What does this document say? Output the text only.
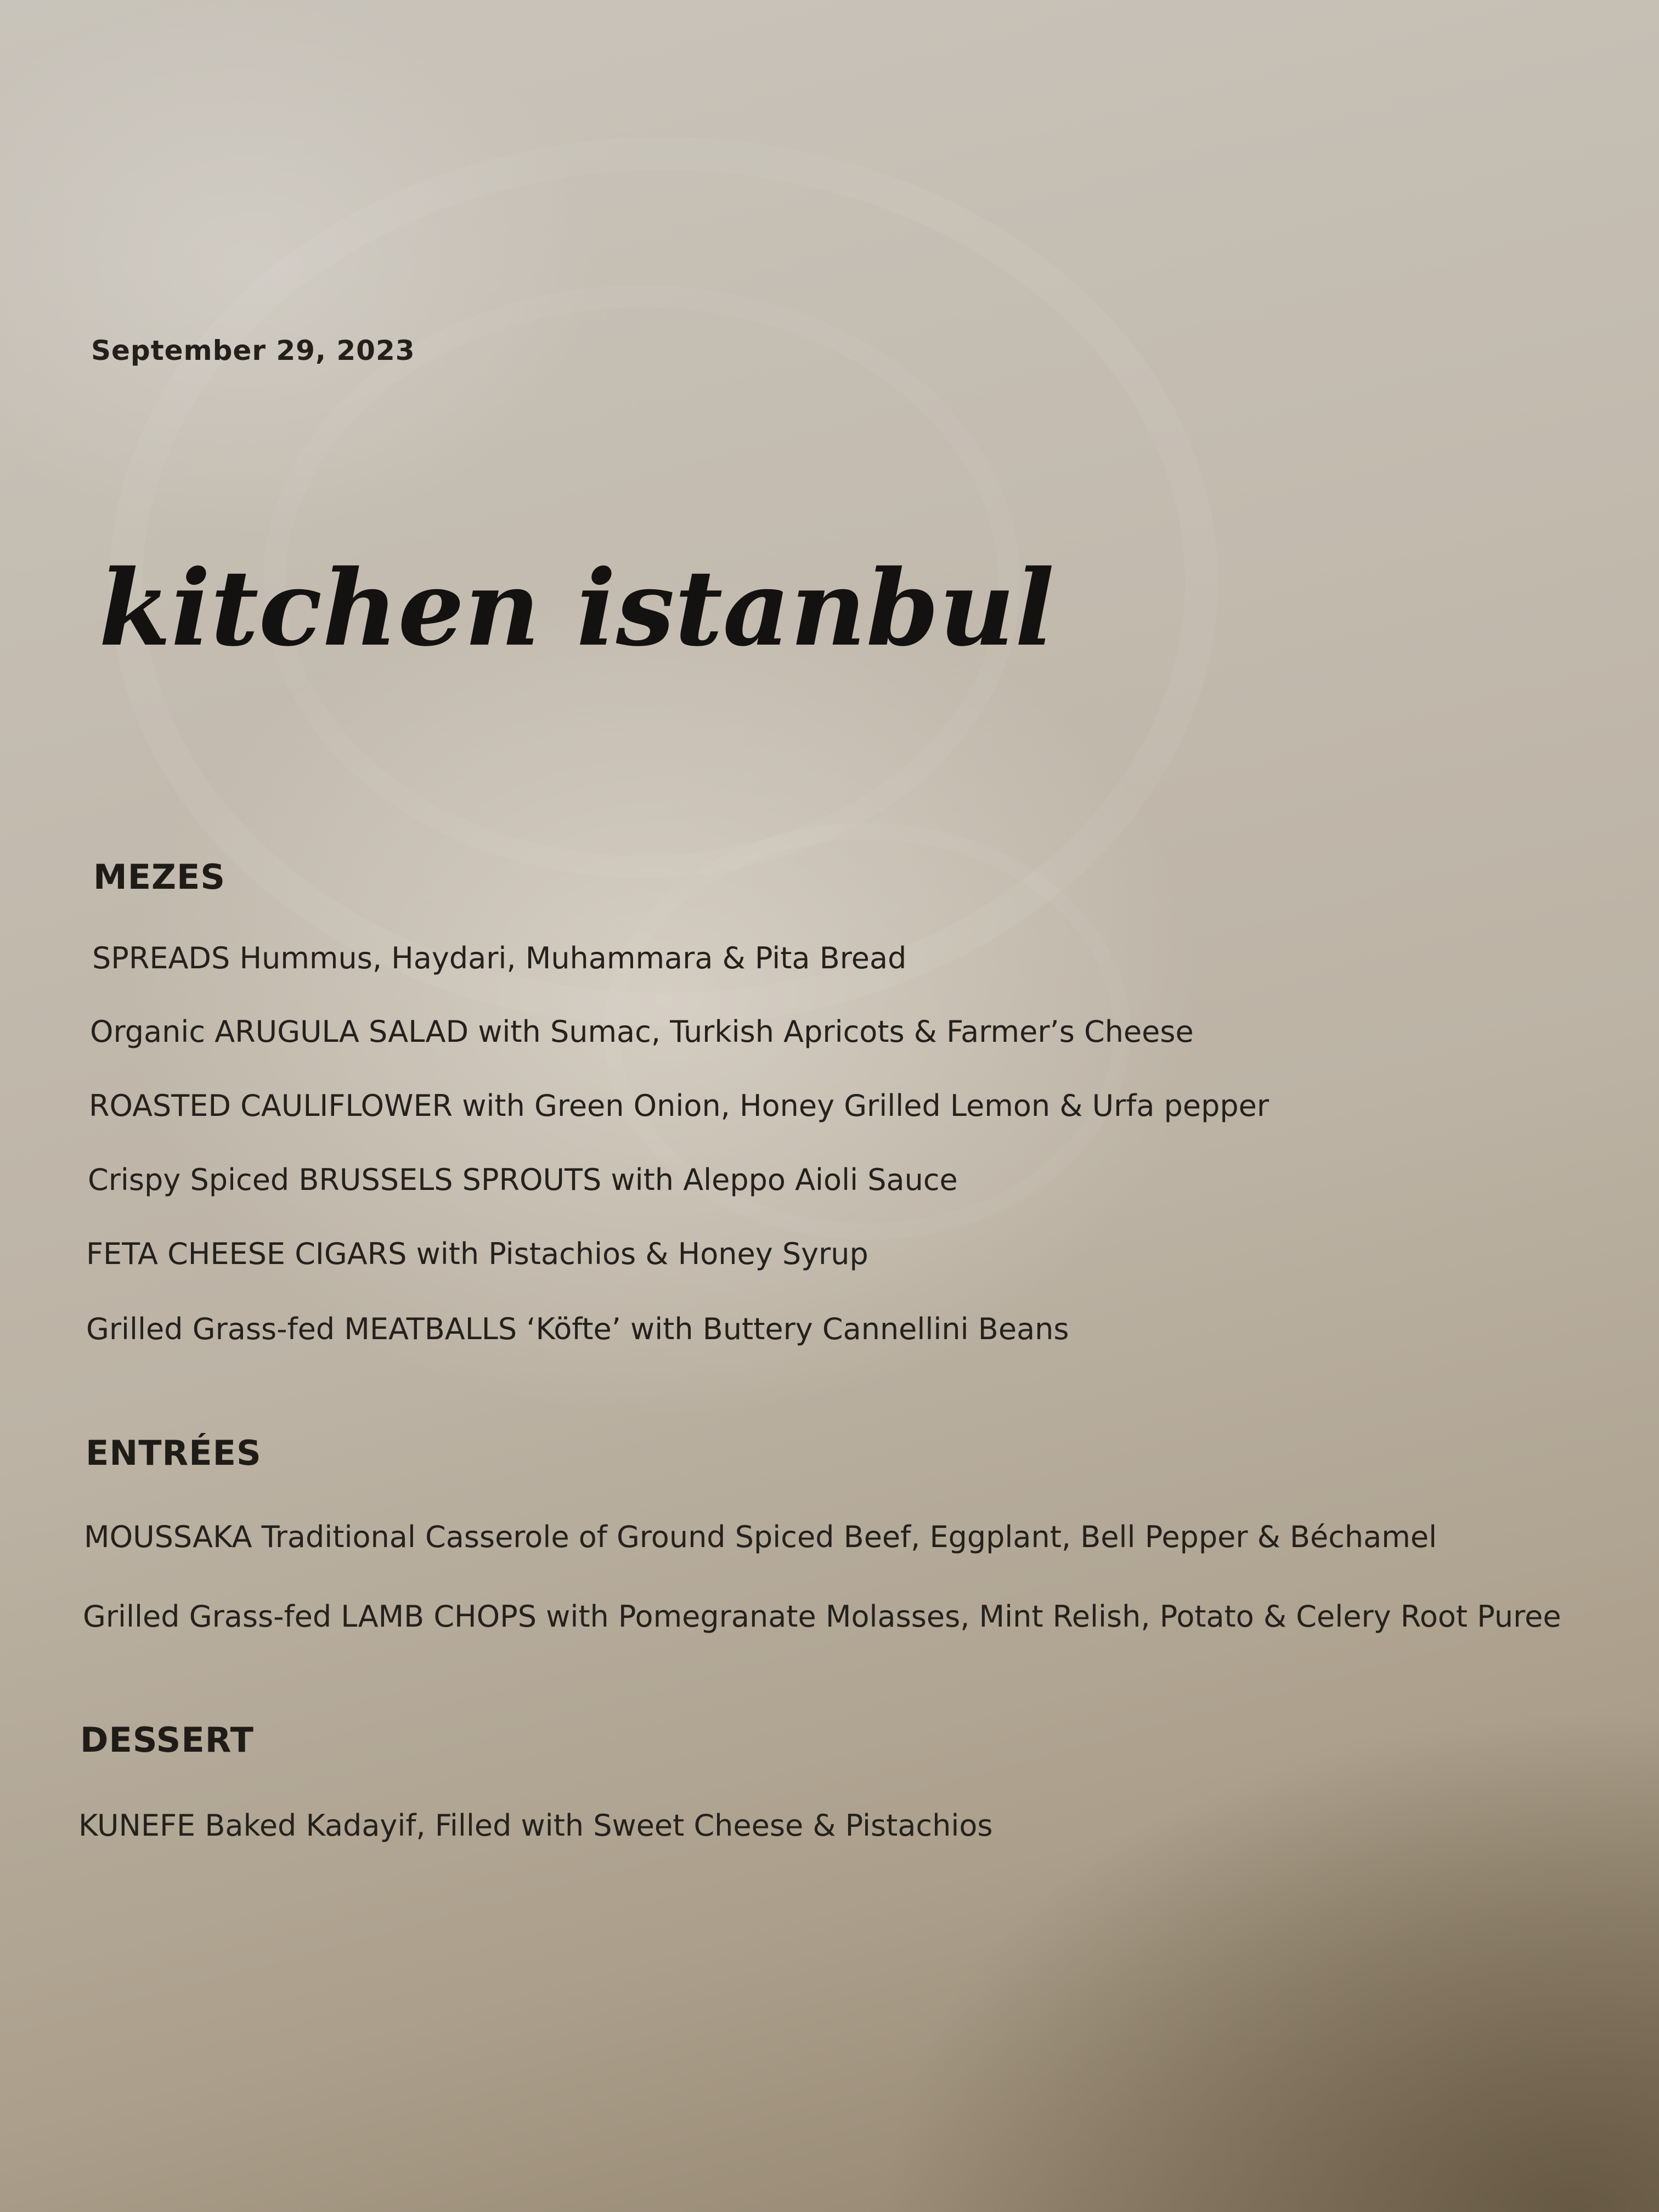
September 29, 2023
kitchen istanbul
MEZES
SPREADS Hummus, Haydari, Muhammara & Pita Bread
Organic ARUGULA SALAD with Sumac, Turkish Apricots & Farmer’s Cheese
ROASTED CAULIFLOWER with Green Onion, Honey Grilled Lemon & Urfa pepper
Crispy Spiced BRUSSELS SPROUTS with Aleppo Aioli Sauce
FETA CHEESE CIGARS with Pistachios & Honey Syrup
Grilled Grass-fed MEATBALLS ‘Köfte’ with Buttery Cannellini Beans
ENTRÉES
MOUSSAKA Traditional Casserole of Ground Spiced Beef, Eggplant, Bell Pepper & Béchamel
Grilled Grass-fed LAMB CHOPS with Pomegranate Molasses, Mint Relish, Potato & Celery Root Puree
DESSERT
KUNEFE Baked Kadayif, Filled with Sweet Cheese & Pistachios
